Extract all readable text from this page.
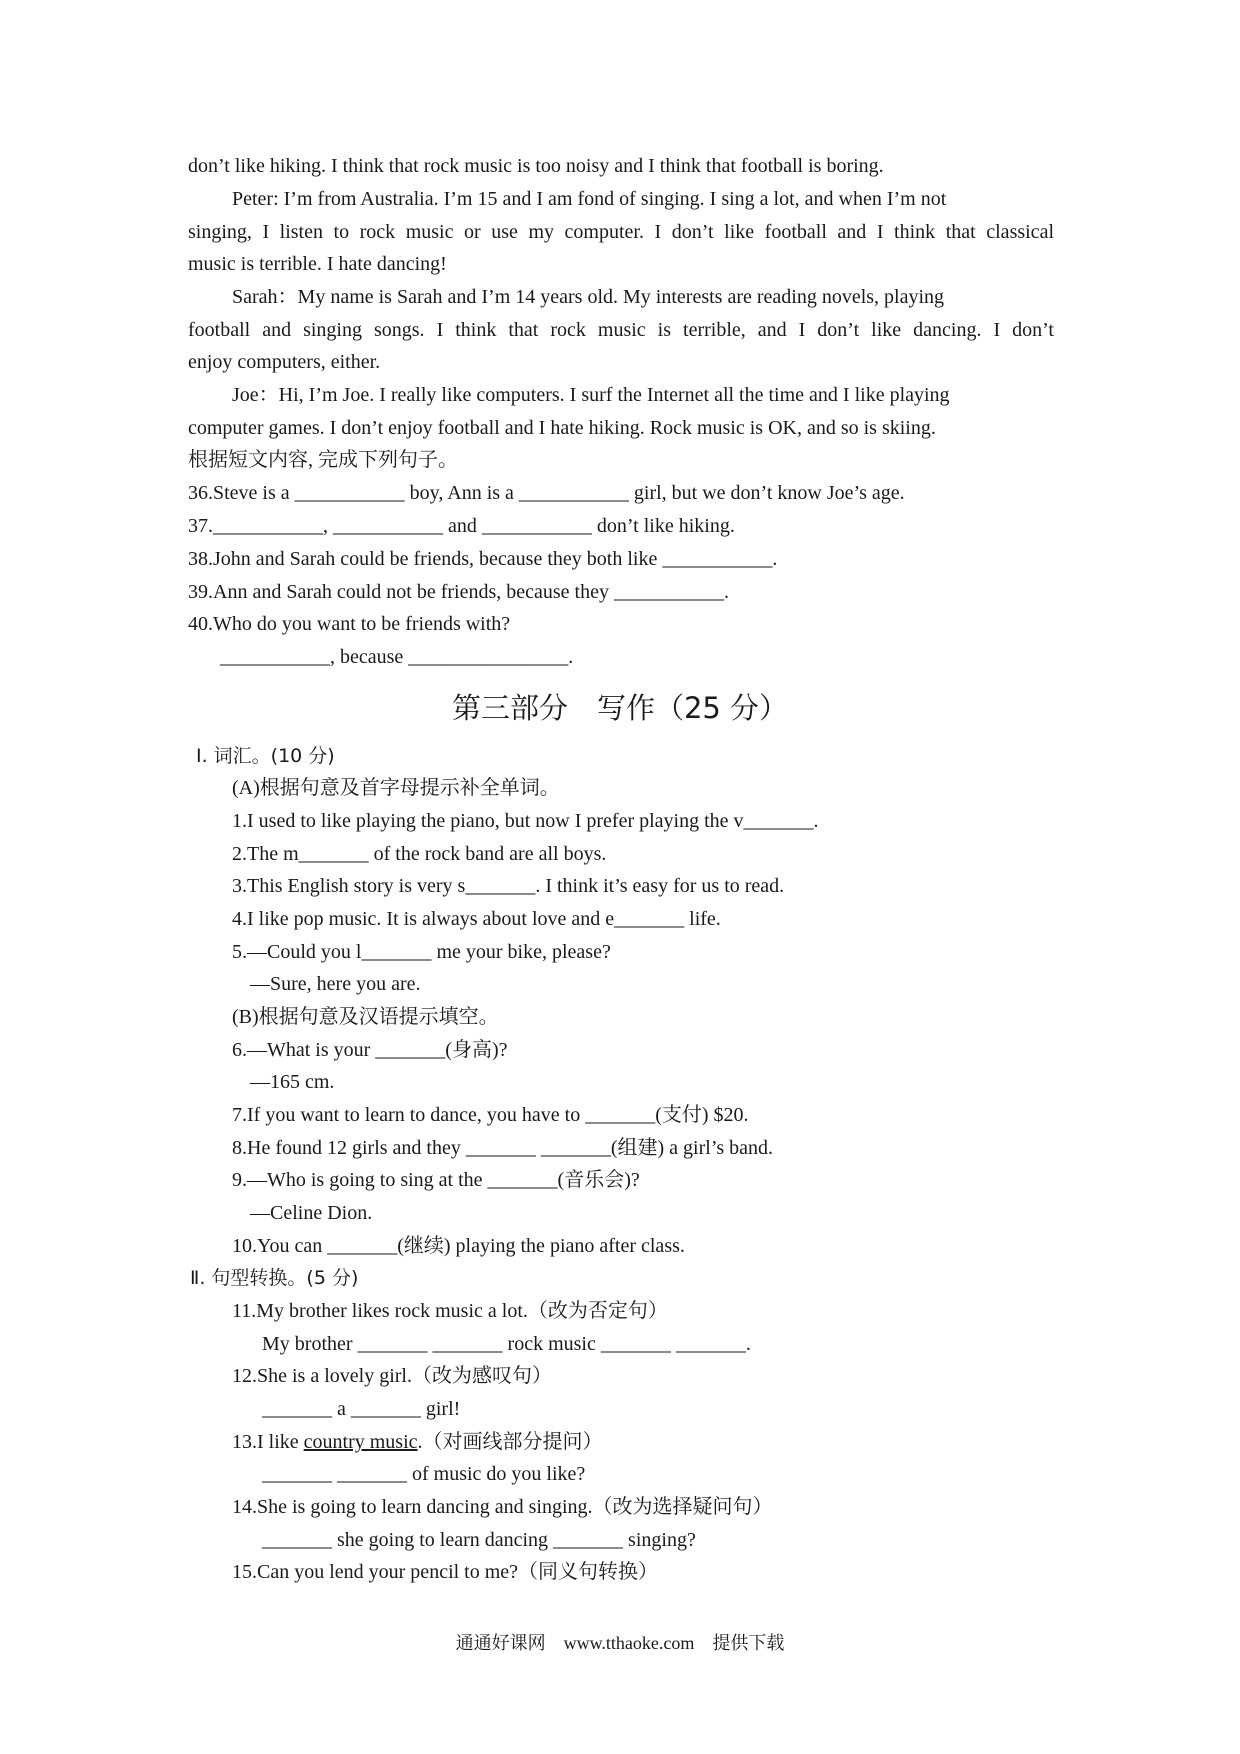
don’t like hiking. I think that rock music is too noisy and I think that football is boring.
Peter: I’m from Australia. I’m 15 and I am fond of singing. I sing a lot, and when I’m not
singing, I listen to rock music or use my computer. I don’t like football and I think that classical
music is terrible. I hate dancing!
Sarah：My name is Sarah and I’m 14 years old. My interests are reading novels, playing
football and singing songs. I think that rock music is terrible, and I don’t like dancing. I don’t
enjoy computers, either.
Joe：Hi, I’m Joe. I really like computers. I surf the Internet all the time and I like playing
computer games. I don’t enjoy football and I hate hiking. Rock music is OK, and so is skiing.
根据短文内容, 完成下列句子。
36.Steve is a ___________ boy, Ann is a ___________ girl, but we don’t know Joe’s age.
37.___________, ___________ and ___________ don’t like hiking.
38.John and Sarah could be friends, because they both like ___________.
39.Ann and Sarah could not be friends, because they ___________.
40.Who do you want to be friends with?
___________, because ________________.
第三部分　写作（25 分）
Ⅰ. 词汇。(10 分)
(A)根据句意及首字母提示补全单词。
1.I used to like playing the piano, but now I prefer playing the v_______.
2.The m_______ of the rock band are all boys.
3.This English story is very s_______. I think it’s easy for us to read.
4.I like pop music. It is always about love and e_______ life.
5.—Could you l_______ me your bike, please?
—Sure, here you are.
(B)根据句意及汉语提示填空。
6.—What is your _______(身高)?
—165 cm.
7.If you want to learn to dance, you have to _______(支付) $20.
8.He found 12 girls and they _______ _______(组建) a girl’s band.
9.—Who is going to sing at the _______(音乐会)?
—Celine Dion.
10.You can _______(继续) playing the piano after class.
Ⅱ. 句型转换。(5 分)
11.My brother likes rock music a lot.（改为否定句）
My brother _______ _______ rock music _______ _______.
12.She is a lovely girl.（改为感叹句）
_______ a _______ girl!
13.I like country music.（对画线部分提问）
_______ _______ of music do you like?
14.She is going to learn dancing and singing.（改为选择疑问句）
_______ she going to learn dancing _______ singing?
15.Can you lend your pencil to me?（同义句转换）
通通好课网　www.tthaoke.com　提供下载
